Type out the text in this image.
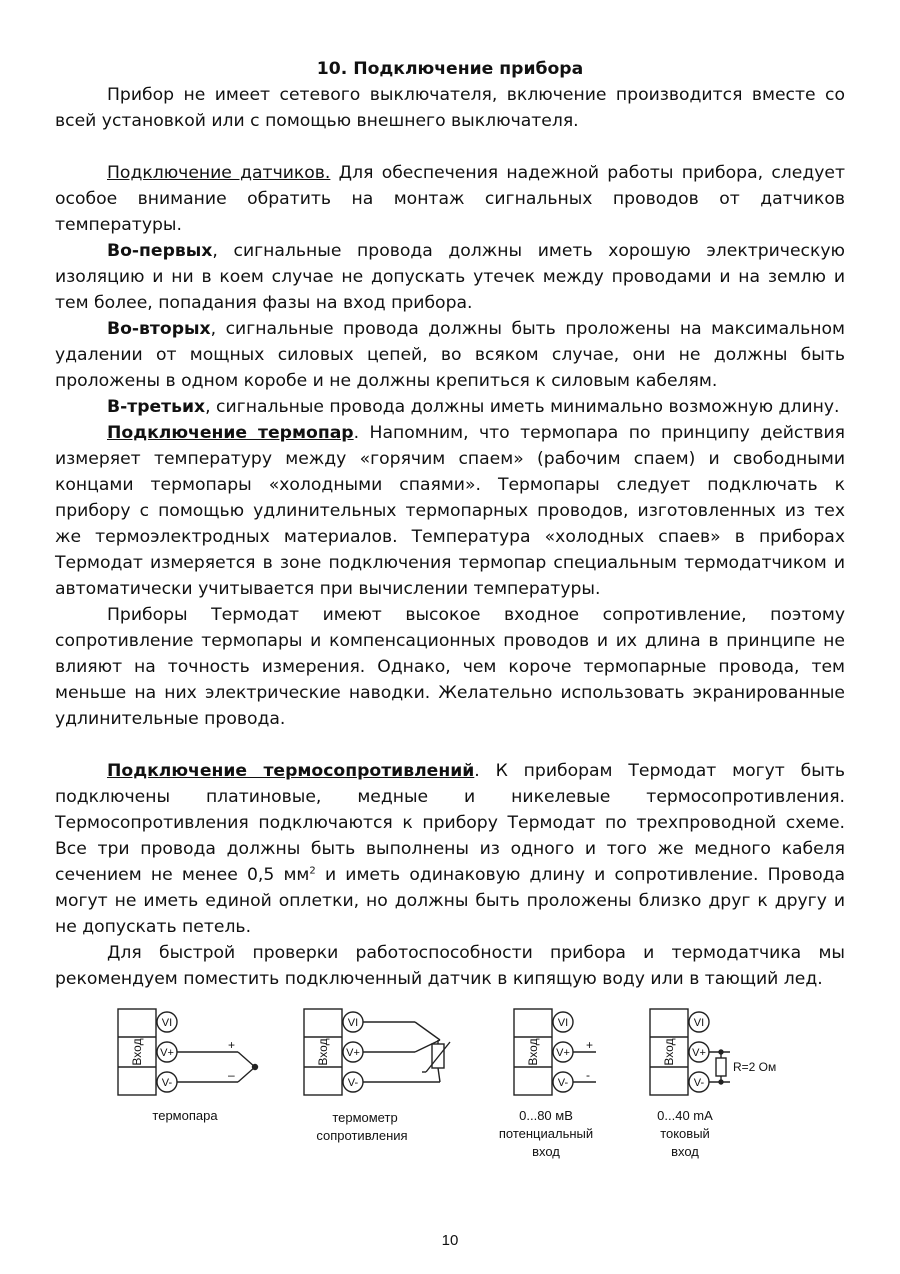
10. Подключение прибора

Прибор не имеет сетевого выключателя, включение производится вместе со всей установкой или с помощью внешнего выключателя.

Подключение датчиков. Для обеспечения надежной работы прибора, следует особое внимание обратить на монтаж сигнальных проводов от датчиков температуры.

Во-первых, сигнальные провода должны иметь хорошую электрическую изоляцию и ни в коем случае не допускать утечек между проводами и на землю и тем более, попадания фазы на вход прибора.

Во-вторых, сигнальные провода должны быть проложены на максимальном удалении от мощных силовых цепей, во всяком случае, они не должны быть проложены в одном коробе и не должны крепиться к силовым кабелям.

В-третьих, сигнальные провода должны иметь минимально возможную длину.

Подключение термопар. Напомним, что термопара по принципу действия измеряет температуру между «горячим спаем» (рабочим спаем) и свободными концами термопары «холодными спаями». Термопары следует подключать к прибору с помощью удлинительных термопарных проводов, изготовленных из тех же термоэлектродных материалов. Температура «холодных спаев» в приборах Термодат измеряется в зоне подключения термопар специальным термодатчиком и автоматически учитывается при вычислении температуры.

Приборы Термодат имеют высокое входное сопротивление, поэтому сопротивление термопары и компенсационных проводов и их длина в принципе не влияют на точность измерения. Однако, чем короче термопарные провода, тем меньше на них электрические наводки. Желательно использовать экранированные удлинительные провода.

Подключение термосопротивлений. К приборам Термодат могут быть подключены платиновые, медные и никелевые термосопротивления. Термосопротивления подключаются к прибору Термодат по трехпроводной схеме. Все три провода должны быть выполнены из одного и того же медного кабеля сечением не менее 0,5 $мм^2$ и иметь одинаковую длину и сопротивление. Провода могут не иметь единой оплетки, но должны быть проложены близко друг к другу и не допускать петель.

Для быстрой проверки работоспособности прибора и термодатчика мы рекомендуем поместить подключенный датчик в кипящую воду или в тающий лед.

VI
V+
V-
VI
V+
V-
VI
V+
V-
VI
V+
V-
Вход	Вход	Вход	Вход
+
–
+
-
R=2 Ом
термопара	термометр
сопротивления
0...80 мВ
потенциальный
вход
0...40 mA
токовый
вход
10
